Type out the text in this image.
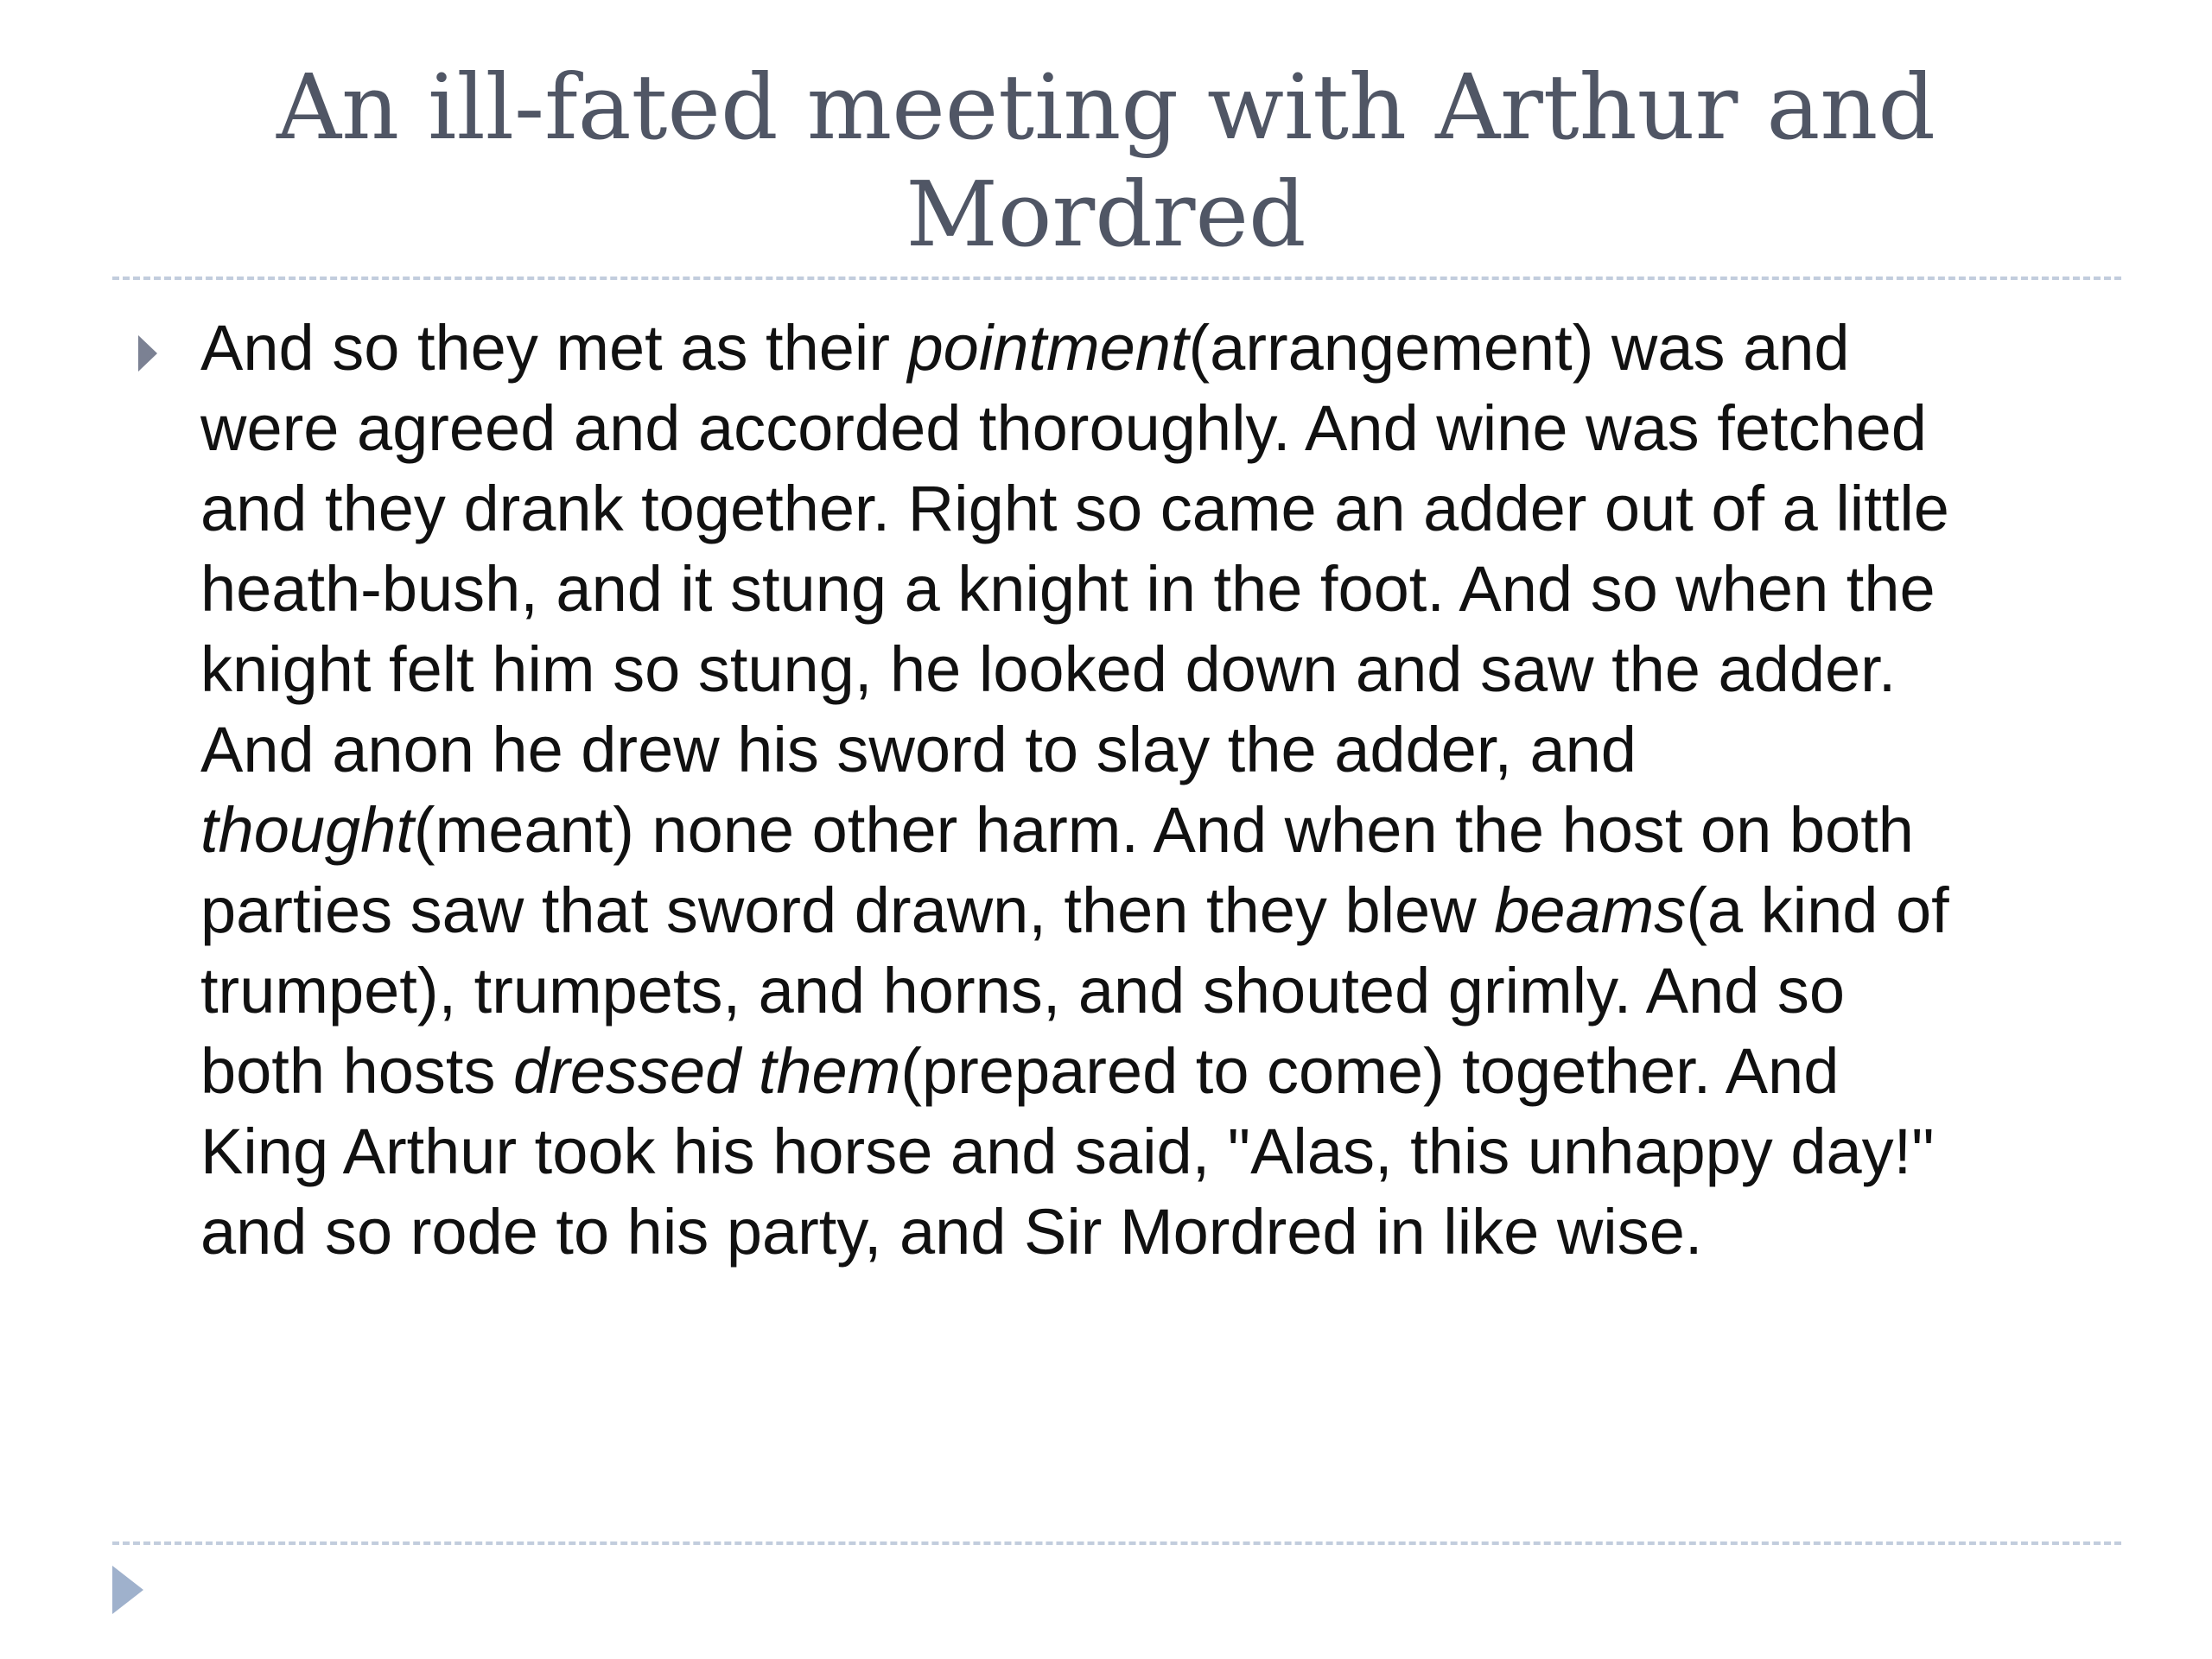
An ill-fated meeting with Arthur and
Mordred
And so they met as their pointment(arrangement) was and
were agreed and accorded thoroughly. And wine was fetched
and they drank together. Right so came an adder out of a little
heath-bush, and it stung a knight in the foot. And so when the
knight felt him so stung, he looked down and saw the adder.
And anon he drew his sword to slay the adder, and
thought(meant) none other harm. And when the host on both
parties saw that sword drawn, then they blew beams(a kind of
trumpet), trumpets, and horns, and shouted grimly. And so
both hosts dressed them(prepared to come) together. And
King Arthur took his horse and said, "Alas, this unhappy day!"
and so rode to his party, and Sir Mordred in like wise.
